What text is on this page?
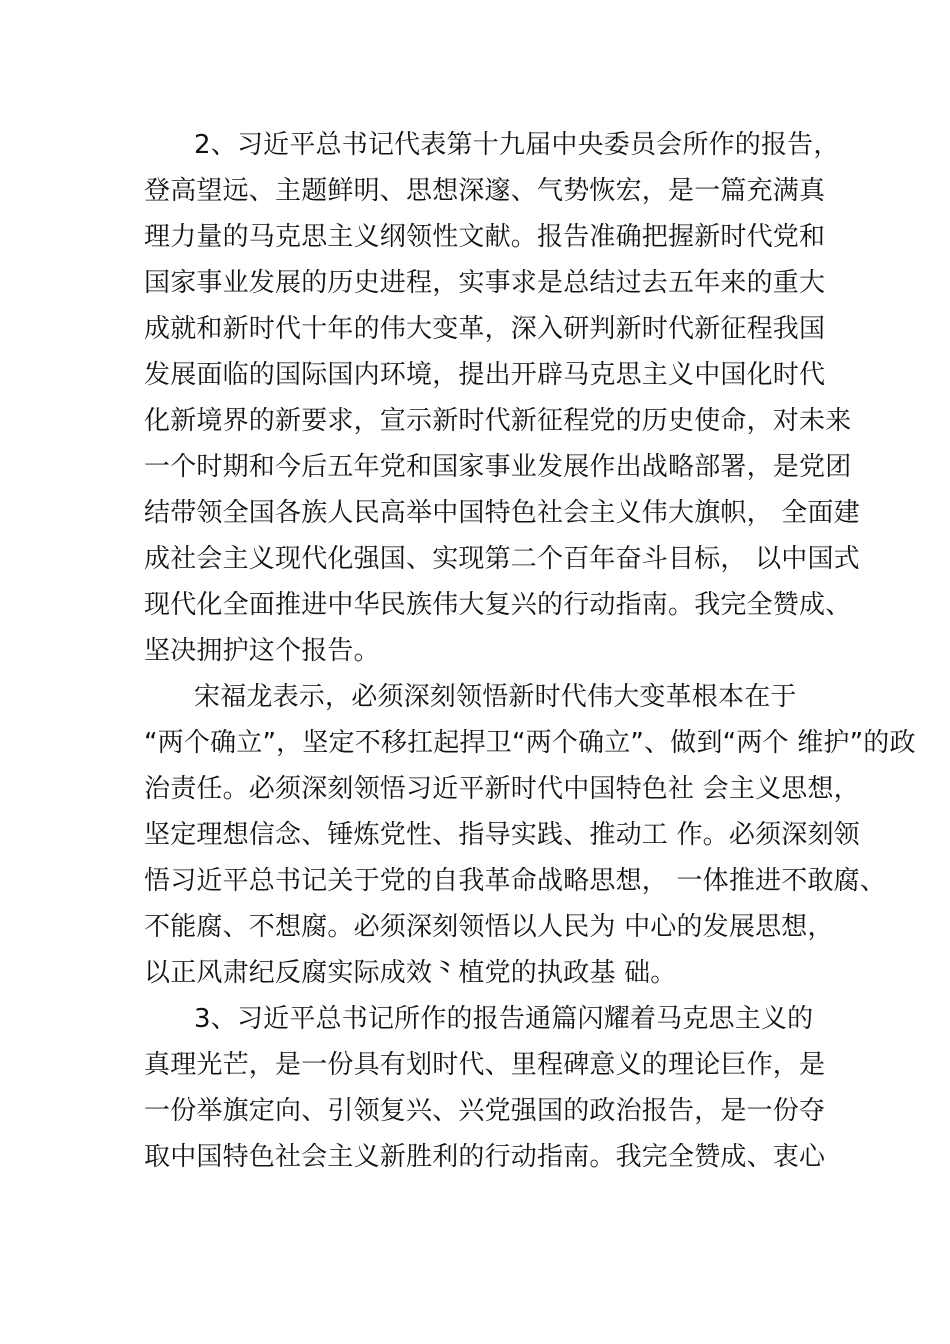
2、习近平总书记代表第十九届中央委员会所作的报告，
登高望远、主题鲜明、思想深邃、气势恢宏，是一篇充满真
理力量的马克思主义纲领性文献。报告准确把握新时代党和
国家事业发展的历史进程，实事求是总结过去五年来的重大
成就和新时代十年的伟大变革，深入研判新时代新征程我国
发展面临的国际国内环境，提出开辟马克思主义中国化时代
化新境界的新要求，宣示新时代新征程党的历史使命，对未来
一个时期和今后五年党和国家事业发展作出战略部署，是党团
结带领全国各族人民高举中国特色社会主义伟大旗帜， 全面建
成社会主义现代化强国、实现第二个百年奋斗目标， 以中国式
现代化全面推进中华民族伟大复兴的行动指南。我完全赞成、
坚决拥护这个报告。
宋福龙表示，必须深刻领悟新时代伟大变革根本在于
“两个确立”，坚定不移扛起捍卫“两个确立”、做到“两个 维护”的政
治责任。必须深刻领悟习近平新时代中国特色社 会主义思想，
坚定理想信念、锤炼党性、指导实践、推动工 作。必须深刻领
悟习近平总书记关于党的自我革命战略思想， 一体推进不敢腐、
不能腐、不想腐。必须深刻领悟以人民为 中心的发展思想，
以正风肃纪反腐实际成效⺀植党的执政基 础。
3、习近平总书记所作的报告通篇闪耀着马克思主义的
真理光芒，是一份具有划时代、里程碑意义的理论巨作，是
一份举旗定向、引领复兴、兴党强国的政治报告，是一份夺
取中国特色社会主义新胜利的行动指南。我完全赞成、衷心
